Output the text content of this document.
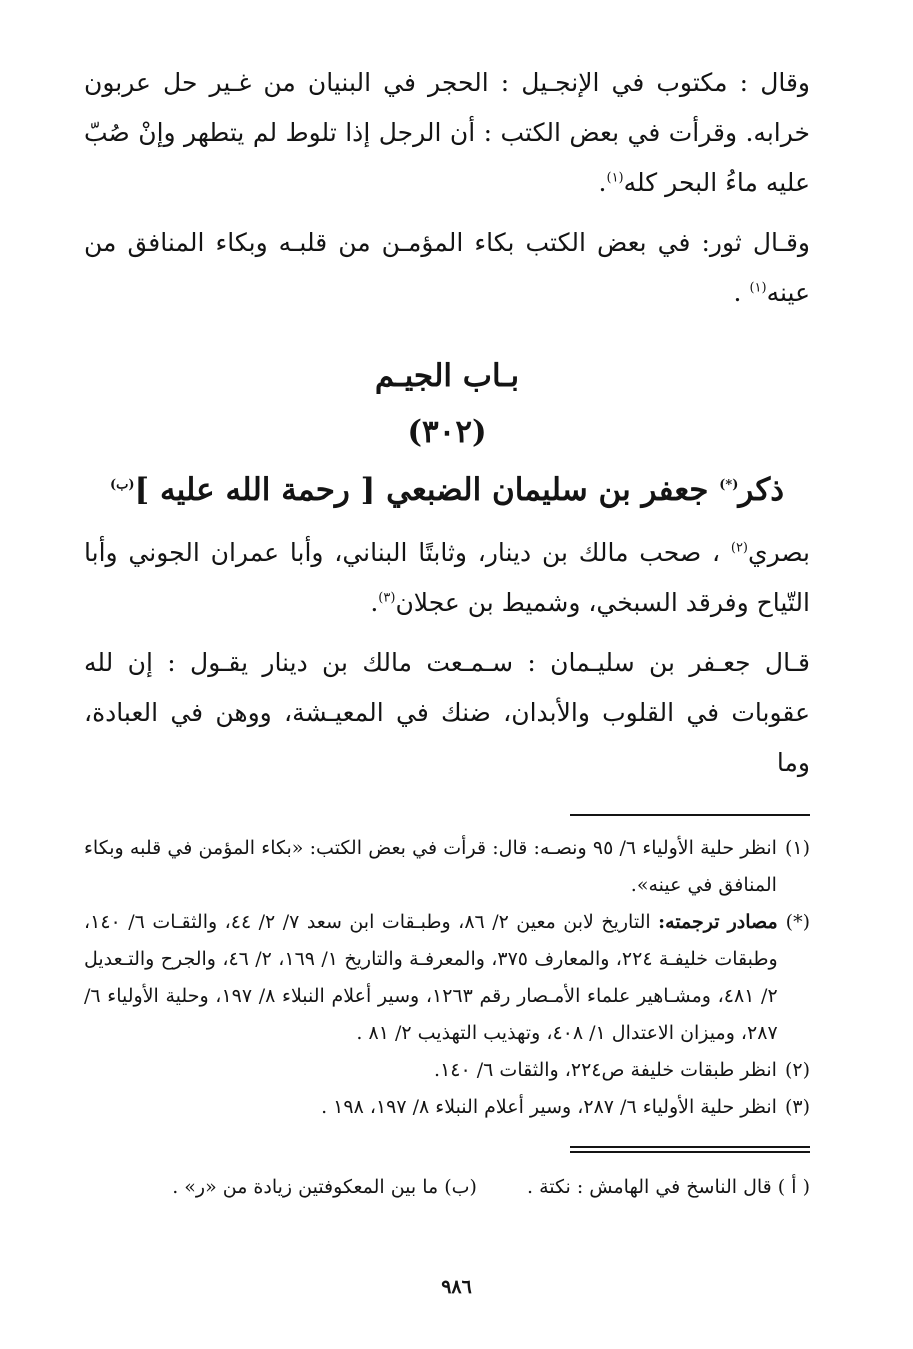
وقال : مكتوب في الإنجـيل : الحجر في البنيان من غـير حل عربون خرابه. وقرأت في بعض الكتب : أن الرجل إذا تلوط لم يتطهر وإنْ صُبّ عليه ماءُ البحر كله$^{(١)}$.

وقـال ثور: في بعض الكتب بكاء المؤمـن من قلبـه وبكاء المنافق من عينه$^{(١)}$ .

بـاب الجيـم
(٣٠٢)
ذكر(*) جعفر بن سليمان الضبعي [ رحمة الله عليه ]$^{(ب)}$

بصري$^{(٢)}$ ، صحب مالك بن دينار، وثابتًا البناني، وأبا عمران الجوني وأبا التّياح وفرقد السبخي، وشميط بن عجلان$^{(٣)}$.

قـال جعـفر بن سليـمان : سـمـعت مالك بن دينار يقـول : إن لله عقوبات في القلوب والأبدان، ضنك في المعيـشة، ووهن في العبادة، وما

(١)
انظر حلية الأولياء ٦/ ٩٥ ونصـه: قال: قرأت في بعض الكتب: «بكاء المؤمن في قلبه وبكاء المنافق في عينه».

(*)
مصادر ترجمته: التاريخ لابن معين ٢/ ٨٦، وطبـقات ابن سعد ٧/ ٢/ ٤٤، والثقـات ٦/ ١٤٠، وطبقات خليفـة ٢٢٤، والمعارف ٣٧٥، والمعرفـة والتاريخ ١/ ١٦٩، ٢/ ٤٦، والجرح والتـعديل ٢/ ٤٨١، ومشـاهير علماء الأمـصار رقم ١٢٦٣، وسير أعلام النبلاء ٨/ ١٩٧، وحلية الأولياء ٦/ ٢٨٧، وميزان الاعتدال ١/ ٤٠٨، وتهذيب التهذيب ٢/ ٨١ .

(٢)
انظر طبقات خليفة ص٢٢٤، والثقات ٦/ ١٤٠.

(٣)
انظر حلية الأولياء ٦/ ٢٨٧، وسير أعلام النبلاء ٨/ ١٩٧، ١٩٨ .

( أ ) قال الناسخ في الهامش : نكتة . (ب) ما بين المعكوفتين زيادة من «ر» .

٩٨٦
